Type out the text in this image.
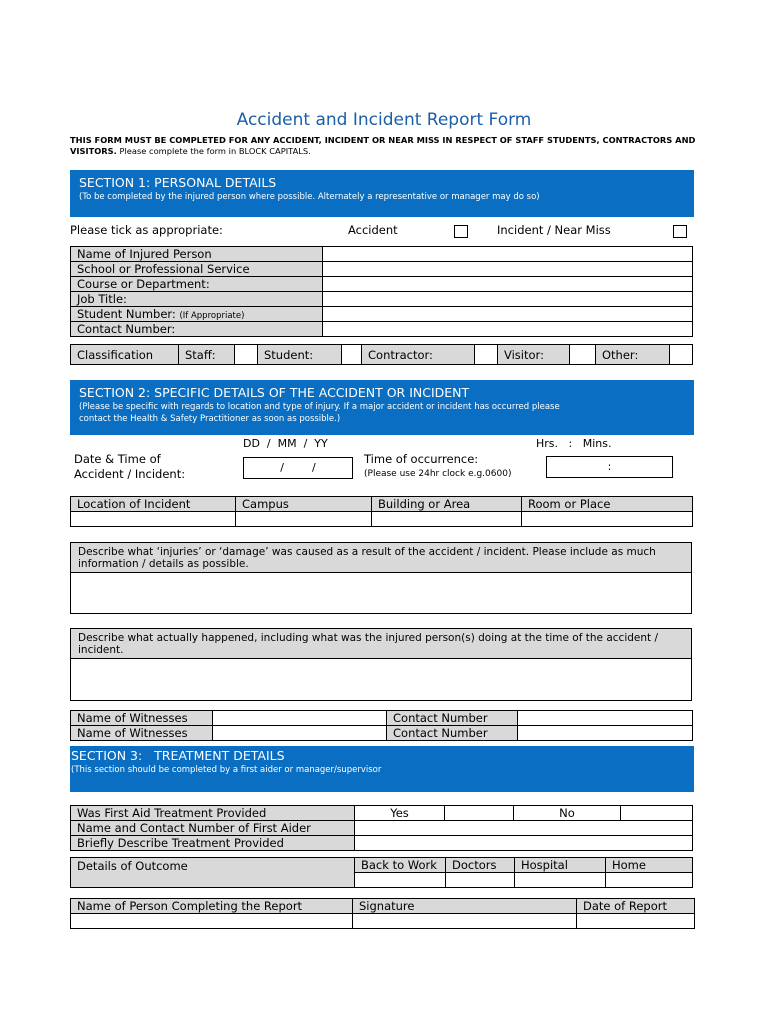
Accident and Incident Report Form
THIS FORM MUST BE COMPLETED FOR ANY ACCIDENT, INCIDENT OR NEAR MISS IN RESPECT OF STAFF STUDENTS, CONTRACTORS AND VISITORS. Please complete the form in BLOCK CAPITALS.
SECTION 1: PERSONAL DETAILS
(To be completed by the injured person where possible. Alternately a representative or manager may do so)
Please tick as appropriate:	Accident	Incident / Near Miss
Name of Injured Person	
School or Professional Service	
Course or Department:	
Job Title:	
Student Number: (If Appropriate)	
Contact Number:	
Classification	Staff:		Student:		Contractor:		Visitor:		Other:	
SECTION 2: SPECIFIC DETAILS OF THE ACCIDENT OR INCIDENT
(Please be specific with regards to location and type of injury. If a major accident or incident has occurred please
contact the Health & Safety Practitioner as soon as possible.)
DD  /  MM  /  YY	Hrs.   :   Mins.
Date & Time of
Accident / Incident:	/        /
Time of occurrence:
(Please use 24hr clock e.g.0600)
:
Location of Incident	Campus	Building or Area	Room or Place

Describe what ‘injuries’ or ‘damage’ was caused as a result of the accident / incident. Please include as much information / details as possible.
Describe what actually happened, including what was the injured person(s) doing at the time of the accident / incident.
Name of Witnesses		Contact Number	
Name of Witnesses		Contact Number	
SECTION 3:   TREATMENT DETAILS
(This section should be completed by a first aider or manager/supervisor
Was First Aid Treatment Provided	Yes		No	
Name and Contact Number of First Aider				
Briefly Describe Treatment Provided				
Details of Outcome	Back to Work	Doctors	Hospital	Home

Name of Person Completing the Report	Signature	Date of Report
